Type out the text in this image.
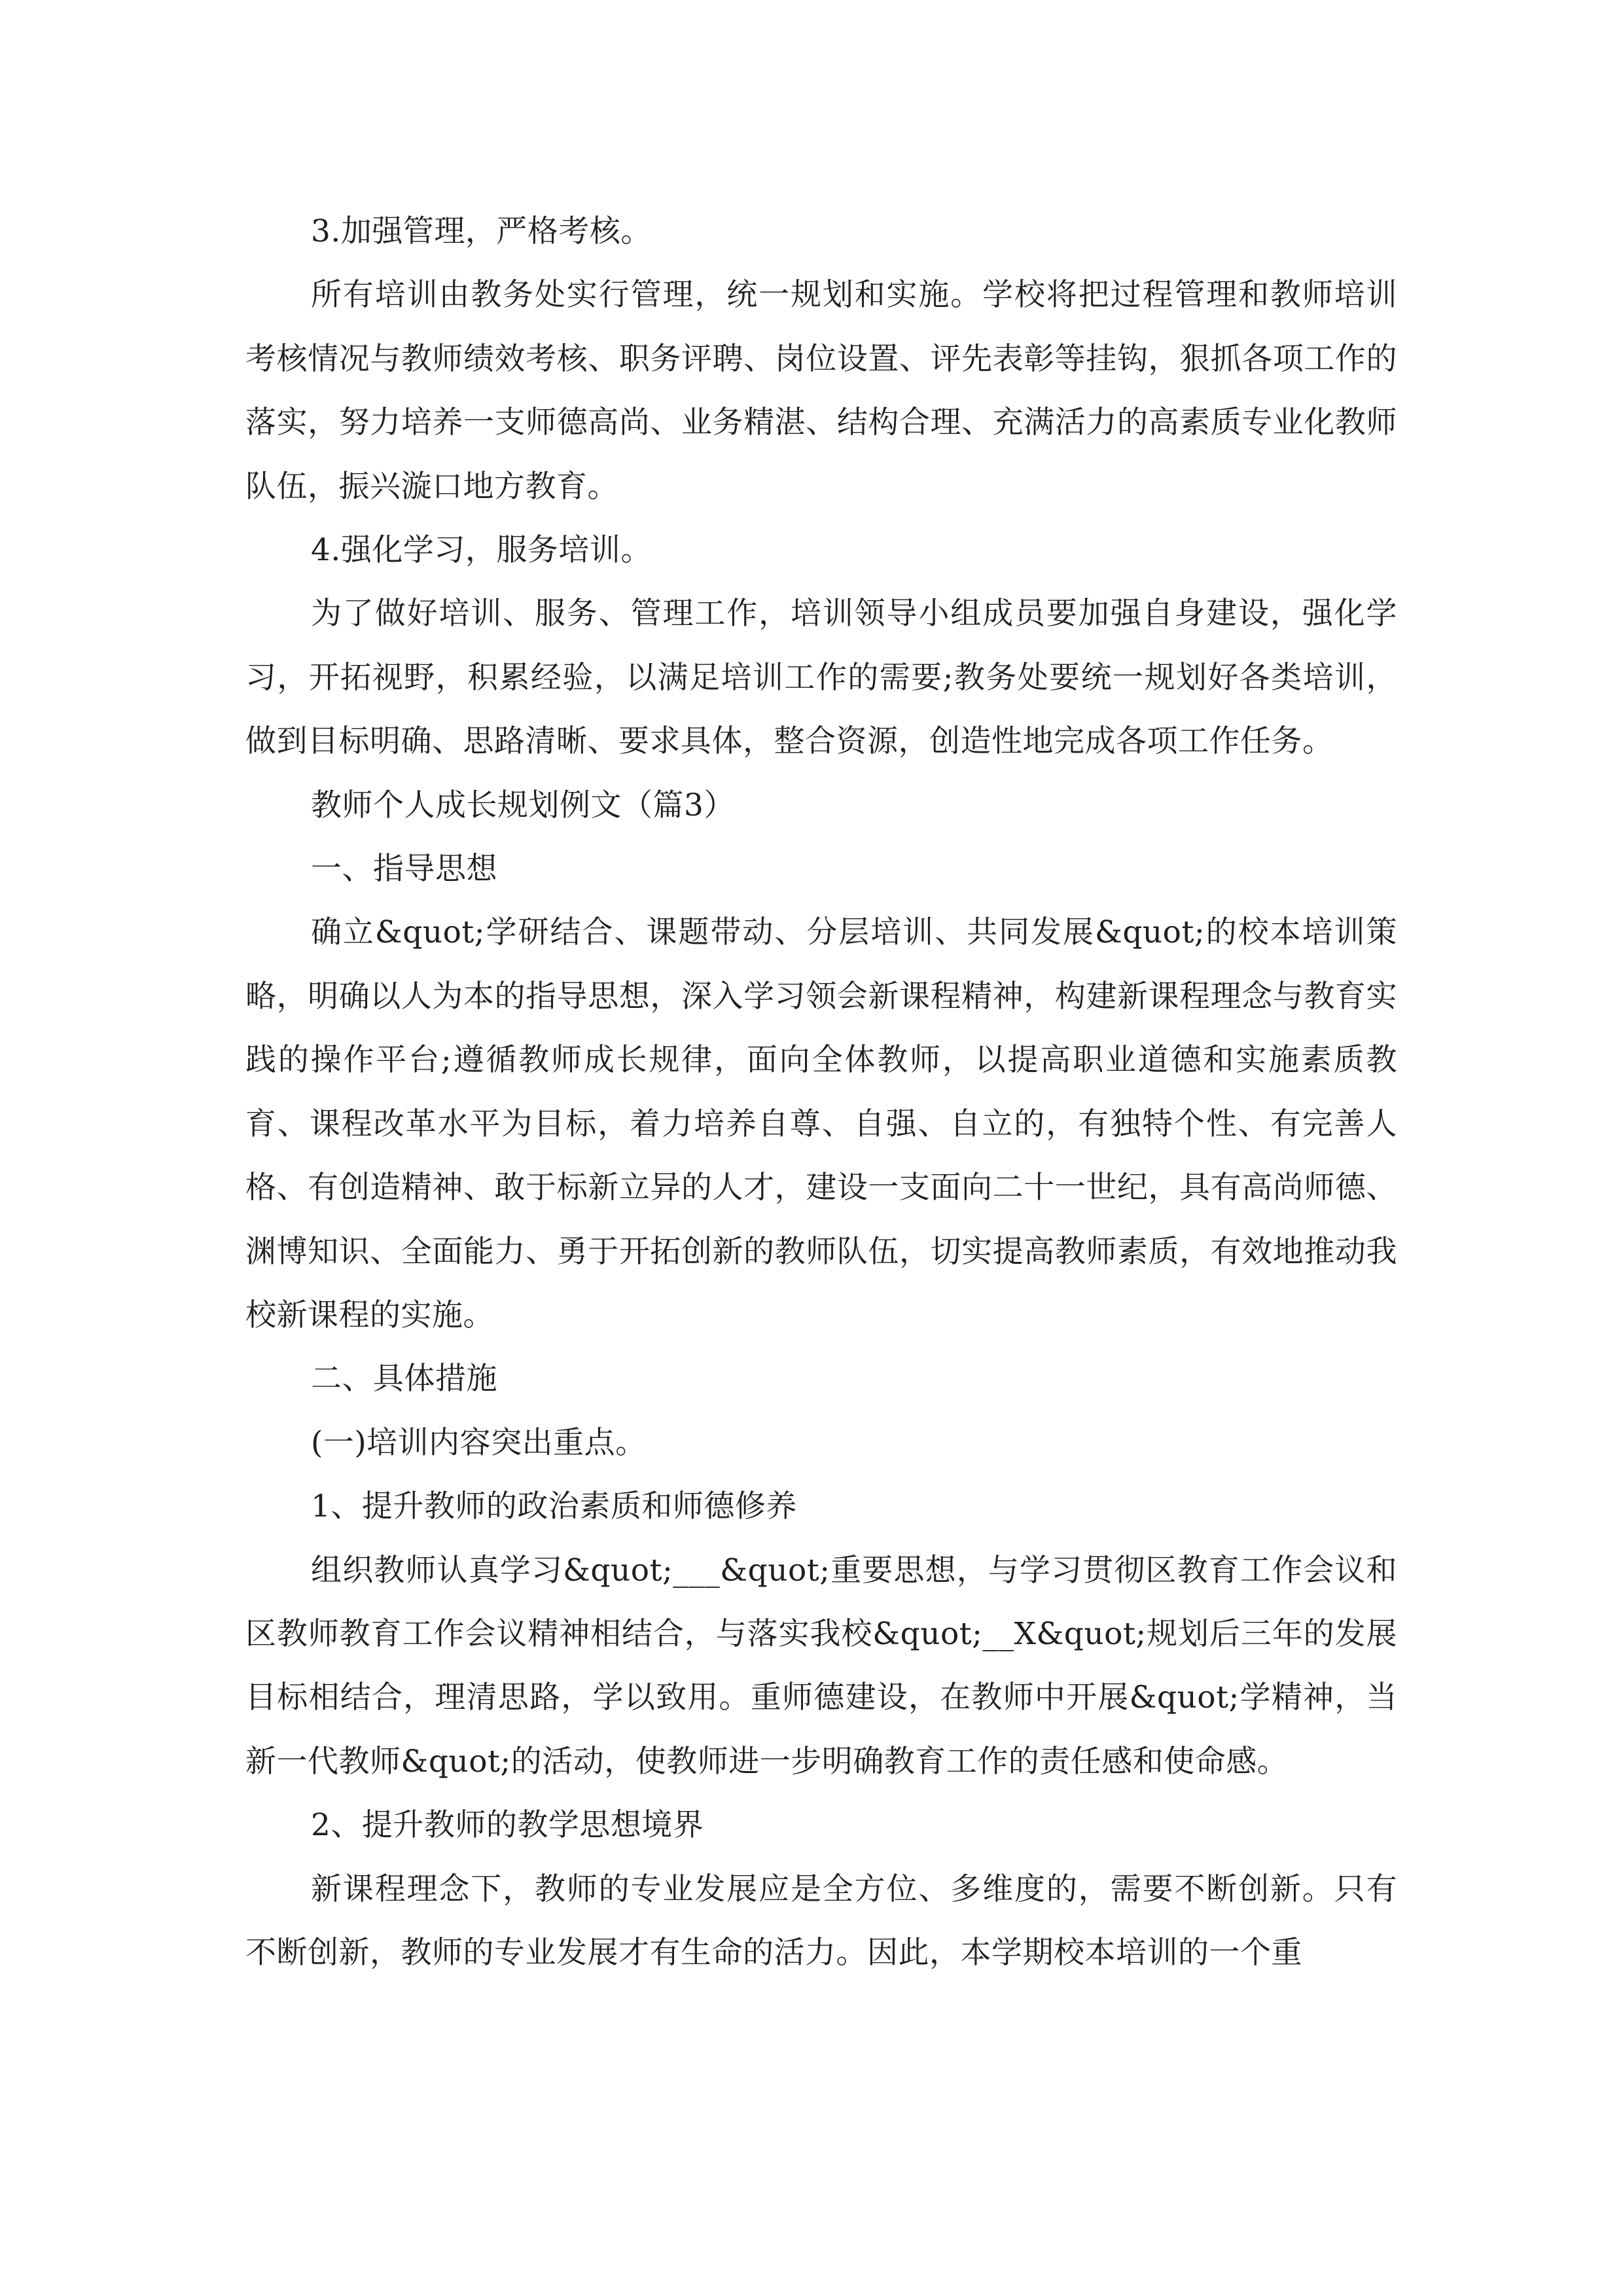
3.加强管理，严格考核。

所有培训由教务处实行管理，统一规划和实施。学校将把过程管理和教师培训考核情况与教师绩效考核、职务评聘、岗位设置、评先表彰等挂钩，狠抓各项工作的落实，努力培养一支师德高尚、业务精湛、结构合理、充满活力的高素质专业化教师队伍，振兴漩口地方教育。

4.强化学习，服务培训。

为了做好培训、服务、管理工作，培训领导小组成员要加强自身建设，强化学习，开拓视野，积累经验，以满足培训工作的需要;教务处要统一规划好各类培训，做到目标明确、思路清晰、要求具体，整合资源，创造性地完成各项工作任务。

教师个人成长规划例文（篇3）

一、指导思想

确立&quot;学研结合、课题带动、分层培训、共同发展&quot;的校本培训策略，明确以人为本的指导思想，深入学习领会新课程精神，构建新课程理念与教育实践的操作平台;遵循教师成长规律，面向全体教师，以提高职业道德和实施素质教育、课程改革水平为目标，着力培养自尊、自强、自立的，有独特个性、有完善人格、有创造精神、敢于标新立异的人才，建设一支面向二十一世纪，具有高尚师德、渊博知识、全面能力、勇于开拓创新的教师队伍，切实提高教师素质，有效地推动我校新课程的实施。

二、具体措施

(一)培训内容突出重点。

1、提升教师的政治素质和师德修养

组织教师认真学习&quot;___&quot;重要思想，与学习贯彻区教育工作会议和区教师教育工作会议精神相结合，与落实我校&quot;__X&quot;规划后三年的发展目标相结合，理清思路，学以致用。重师德建设，在教师中开展&quot;学精神，当新一代教师&quot;的活动，使教师进一步明确教育工作的责任感和使命感。

2、提升教师的教学思想境界

新课程理念下，教师的专业发展应是全方位、多维度的，需要不断创新。只有不断创新，教师的专业发展才有生命的活力。因此，本学期校本培训的一个重
